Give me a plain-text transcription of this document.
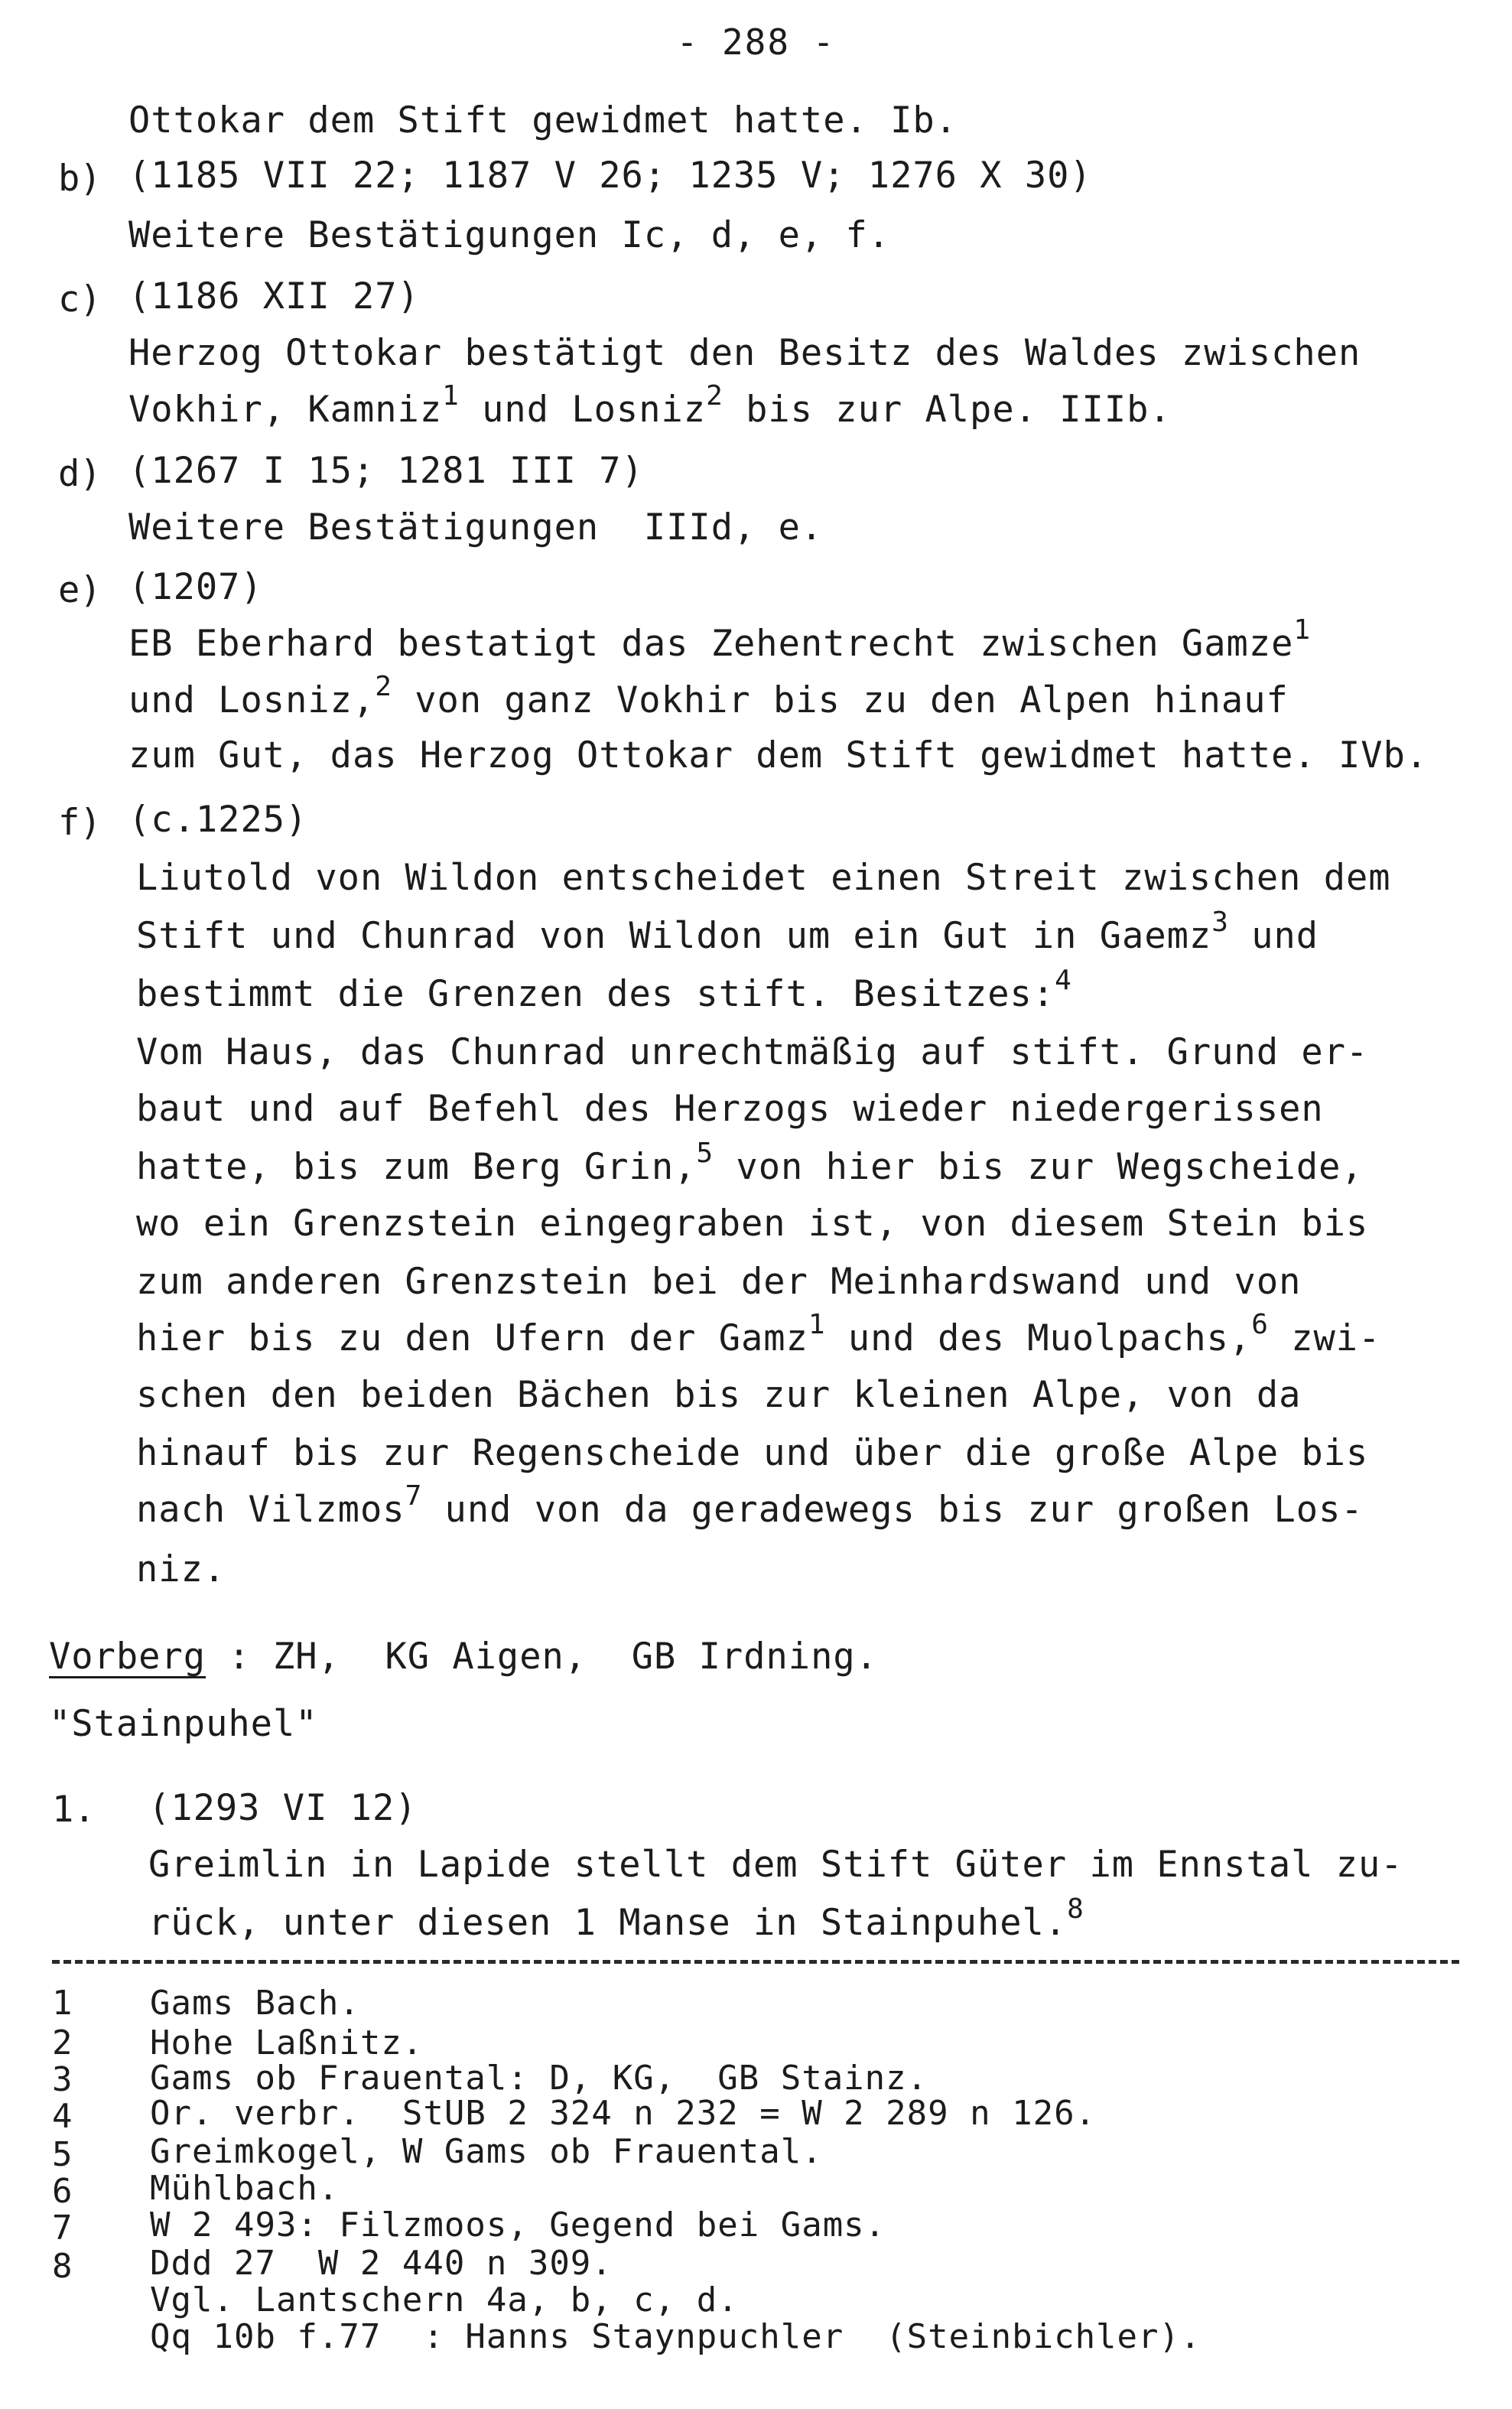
- 288 -
Ottokar dem Stift gewidmet hatte. Ib.
b) (1185 VII 22; 1187 V 26; 1235 V; 1276 X 30)
Weitere Bestätigungen Ic, d, e, f.
c) (1186 XII 27)
Herzog Ottokar bestätigt den Besitz des Waldes zwischen
Vokhir, Kamniz$^1$ und Losniz$^2$ bis zur Alpe. IIIb.
d) (1267 I 15; 1281 III 7)
Weitere Bestätigungen  IIId, e.
e) (1207)
EB Eberhard bestatigt das Zehentrecht zwischen Gamze$^1$
und Losniz,$^2$ von ganz Vokhir bis zu den Alpen hinauf
zum Gut, das Herzog Ottokar dem Stift gewidmet hatte. IVb.
f) (c.1225)
Liutold von Wildon entscheidet einen Streit zwischen dem
Stift und Chunrad von Wildon um ein Gut in Gaemz$^3$ und
bestimmt die Grenzen des stift. Besitzes:$^4$
Vom Haus, das Chunrad unrechtmäßig auf stift. Grund er-
baut und auf Befehl des Herzogs wieder niedergerissen
hatte, bis zum Berg Grin,$^5$ von hier bis zur Wegscheide,
wo ein Grenzstein eingegraben ist, von diesem Stein bis
zum anderen Grenzstein bei der Meinhardswand und von
hier bis zu den Ufern der Gamz$^1$ und des Muolpachs,$^6$ zwi-
schen den beiden Bächen bis zur kleinen Alpe, von da
hinauf bis zur Regenscheide und über die große Alpe bis
nach Vilzmos$^7$ und von da geradewegs bis zur großen Los-
niz.
Vorberg : ZH,  KG Aigen,  GB Irdning.
"Stainpuhel"
1. (1293 VI 12)
Greimlin in Lapide stellt dem Stift Güter im Ennstal zu-
rück, unter diesen 1 Manse in Stainpuhel.$^8$
1 Gams Bach.
2 Hohe Laßnitz.
3 Gams ob Frauental: D, KG,  GB Stainz.
4 Or. verbr.  StUB 2 324 n 232 = W 2 289 n 126.
5 Greimkogel, W Gams ob Frauental.
6 Mühlbach.
7 W 2 493: Filzmoos, Gegend bei Gams.
8 Ddd 27  W 2 440 n 309.
Vgl. Lantschern 4a, b, c, d.
Qq 10b f.77  : Hanns Staynpuchler  (Steinbichler).
